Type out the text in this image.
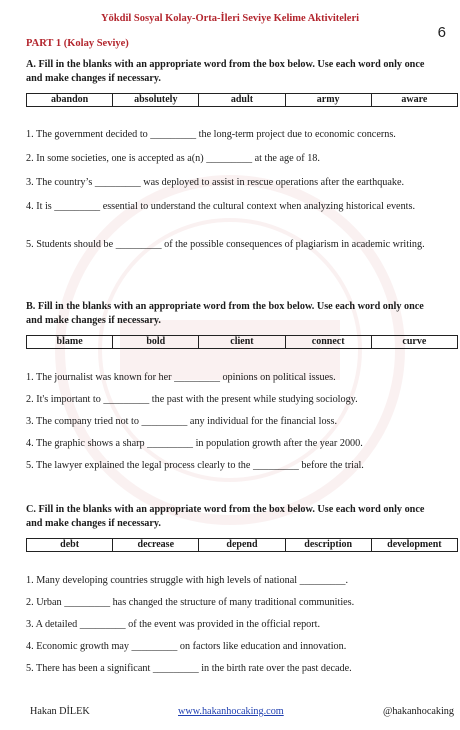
Yökdil Sosyal Kolay-Orta-İleri Seviye Kelime Aktiviteleri
6
PART 1 (Kolay Seviye)

A. Fill in the blanks with an appropriate word from the box below. Use each word only once and make changes if necessary.

abandon	absolutely	adult	army	aware

1. The government decided to _________ the long-term project due to economic concerns.

2. In some societies, one is accepted as a(n) _________ at the age of 18.

3. The country’s _________ was deployed to assist in rescue operations after the earthquake.

4. It is _________ essential to understand the cultural context when analyzing historical events.

5. Students should be _________ of the possible consequences of plagiarism in academic writing.

B. Fill in the blanks with an appropriate word from the box below. Use each word only once and make changes if necessary.

blame	bold	client	connect	curve

1. The journalist was known for her _________ opinions on political issues.

2. It's important to _________ the past with the present while studying sociology.

3. The company tried not to _________ any individual for the financial loss.

4. The graphic shows a sharp _________ in population growth after the year 2000.

5. The lawyer explained the legal process clearly to the _________ before the trial.

C. Fill in the blanks with an appropriate word from the box below. Use each word only once and make changes if necessary.

debt	decrease	depend	description	development

1. Many developing countries struggle with high levels of national _________.

2. Urban _________ has changed the structure of many traditional communities.

3. A detailed _________ of the event was provided in the official report.

4. Economic growth may _________ on factors like education and innovation.

5. There has been a significant _________ in the birth rate over the past decade.

Hakan DİLEK	www.hakanhocaking.com	@hakanhocaking
